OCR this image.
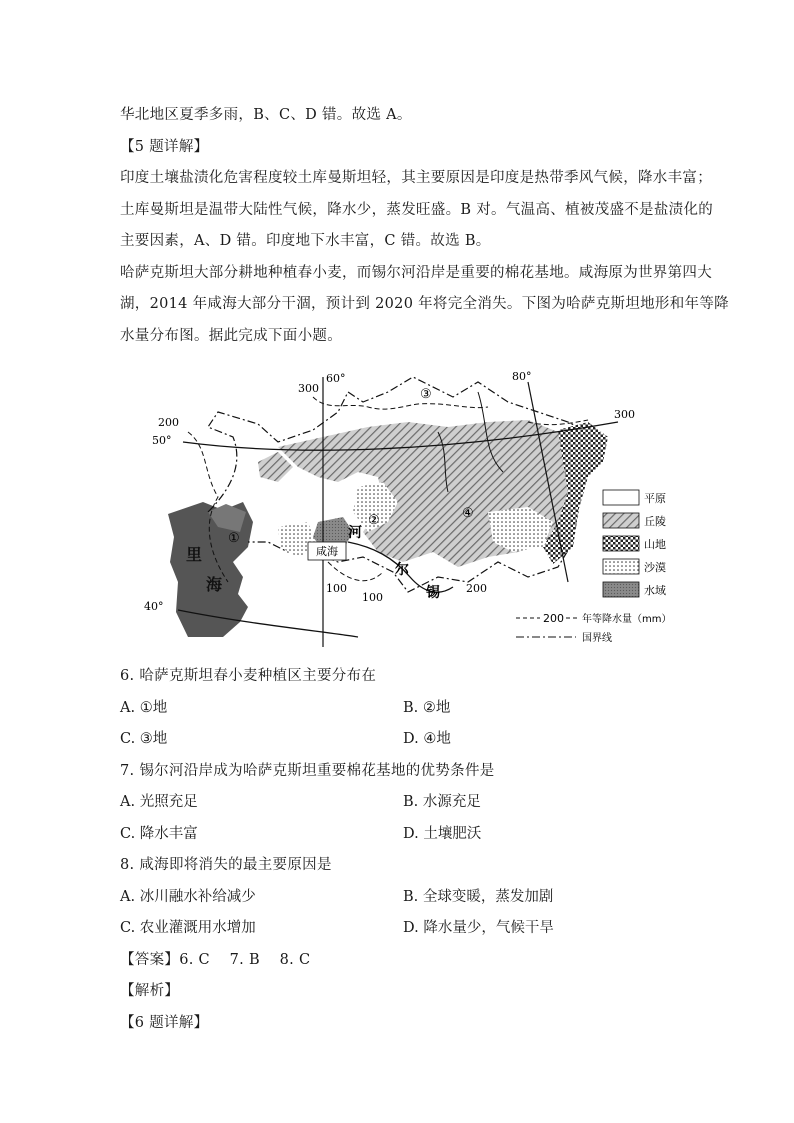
华北地区夏季多雨，B、C、D 错。故选 A。
【5 题详解】
印度土壤盐渍化危害程度较土库曼斯坦轻，其主要原因是印度是热带季风气候，降水丰富；
土库曼斯坦是温带大陆性气候，降水少，蒸发旺盛。B 对。气温高、植被茂盛不是盐渍化的
主要因素，A、D 错。印度地下水丰富，C 错。故选 B。
哈萨克斯坦大部分耕地种植春小麦，而锡尔河沿岸是重要的棉花基地。咸海原为世界第四大
湖，2014 年咸海大部分干涸，预计到 2020 年将完全消失。下图为哈萨克斯坦地形和年等降
水量分布图。据此完成下面小题。
咸海
里
海
河
尔
锡
①
②
③
④
300
300
200
200
100
100
60°	80°
50°
40°
平原
丘陵
山地
沙漠
水域
200 年等降水量（mm）
国界线
6. 哈萨克斯坦春小麦种植区主要分布在
A. ①地	B. ②地
C. ③地	D. ④地
7. 锡尔河沿岸成为哈萨克斯坦重要棉花基地的优势条件是
A. 光照充足	B. 水源充足
C. 降水丰富	D. 土壤肥沃
8. 咸海即将消失的最主要原因是
A. 冰川融水补给减少	B. 全球变暖，蒸发加剧
C. 农业灌溉用水增加	D. 降水量少，气候干旱
【答案】6. C　 7. B　 8. C
【解析】
【6 题详解】
